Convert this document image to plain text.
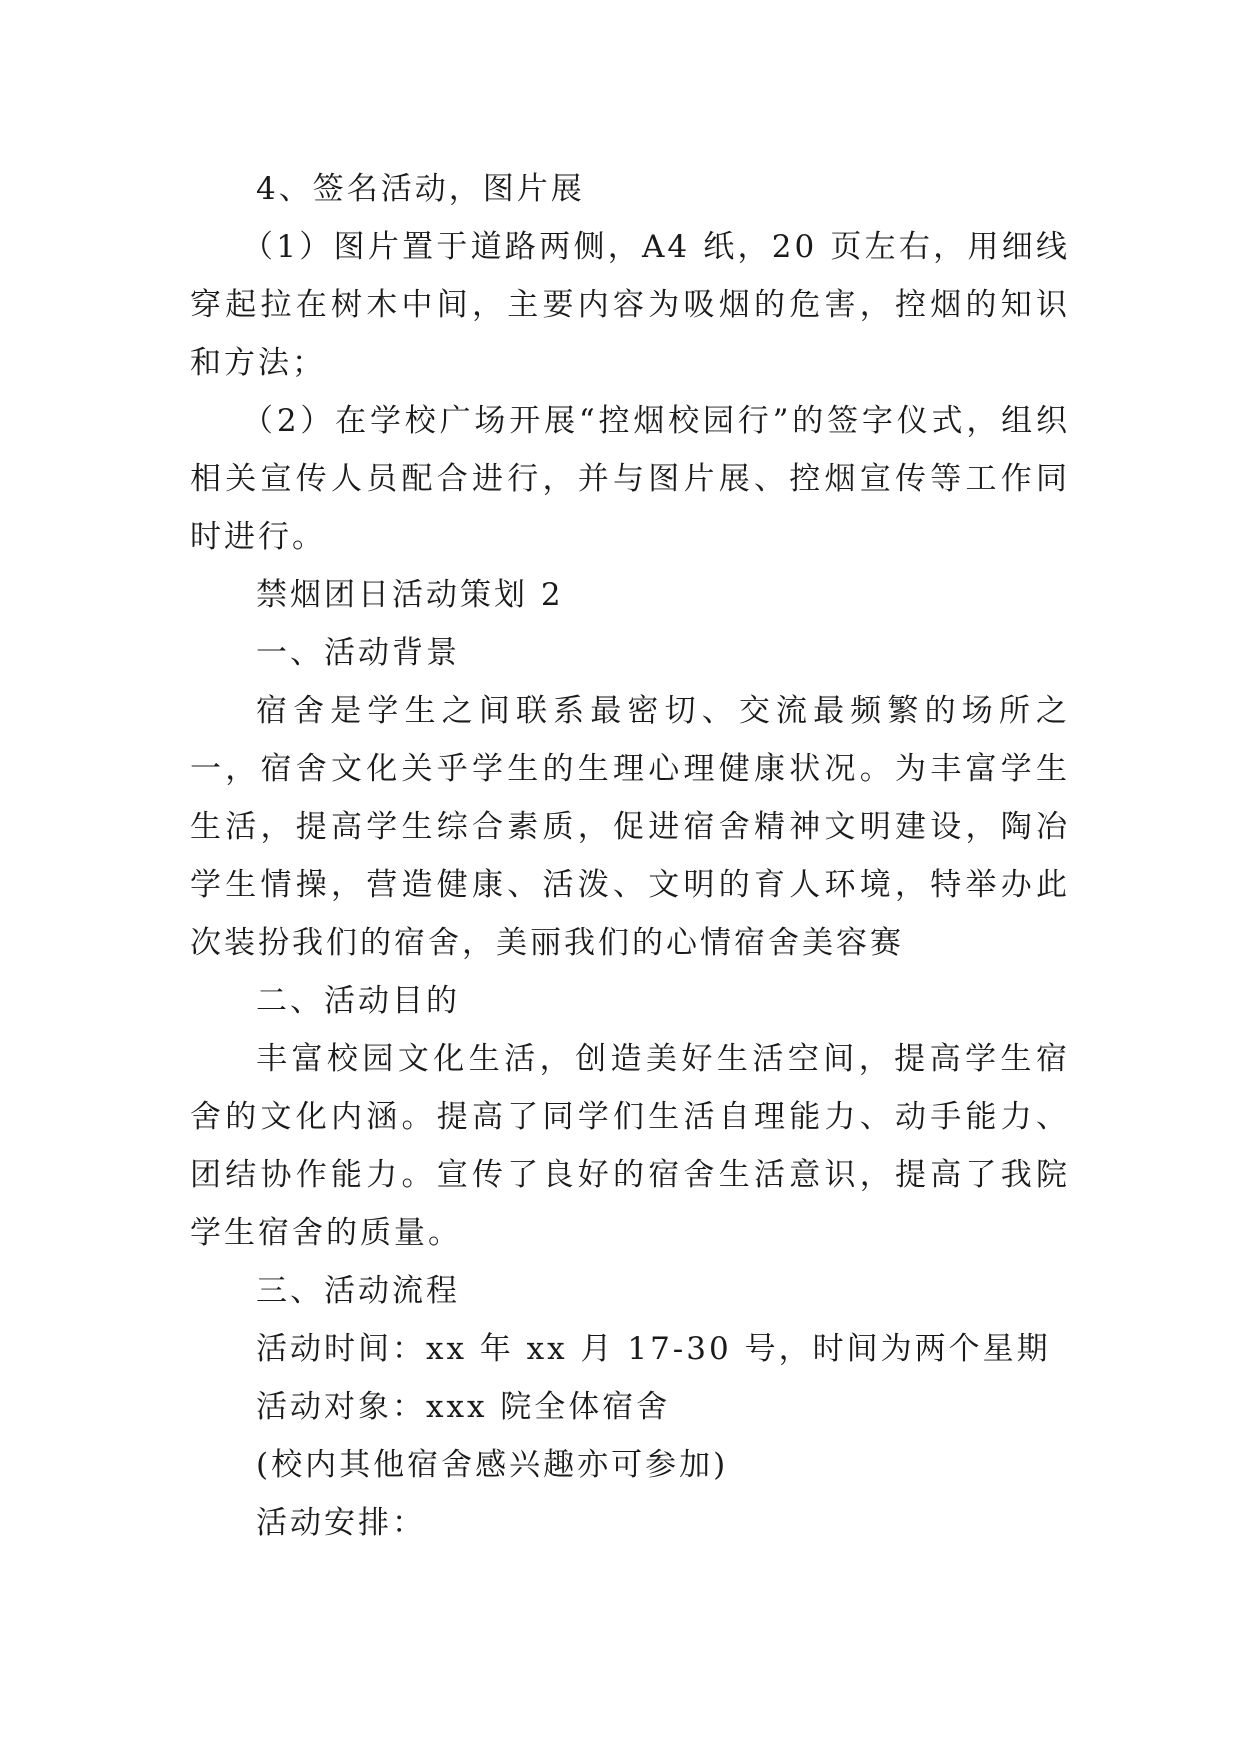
4、签名活动，图片展

（1）图片置于道路两侧，A4 纸，20 页左右，用细线穿起拉在树木中间，主要内容为吸烟的危害，控烟的知识和方法；

（2）在学校广场开展“控烟校园行”的签字仪式，组织相关宣传人员配合进行，并与图片展、控烟宣传等工作同时进行。

禁烟团日活动策划 2

一、活动背景

宿舍是学生之间联系最密切、交流最频繁的场所之一，宿舍文化关乎学生的生理心理健康状况。为丰富学生生活，提高学生综合素质，促进宿舍精神文明建设，陶冶学生情操，营造健康、活泼、文明的育人环境，特举办此次装扮我们的宿舍，美丽我们的心情宿舍美容赛

二、活动目的

丰富校园文化生活，创造美好生活空间，提高学生宿舍的文化内涵。提高了同学们生活自理能力、动手能力、团结协作能力。宣传了良好的宿舍生活意识，提高了我院学生宿舍的质量。

三、活动流程

活动时间：xx 年 xx 月 17-30 号，时间为两个星期

活动对象：xxx 院全体宿舍

(校内其他宿舍感兴趣亦可参加)

活动安排：
